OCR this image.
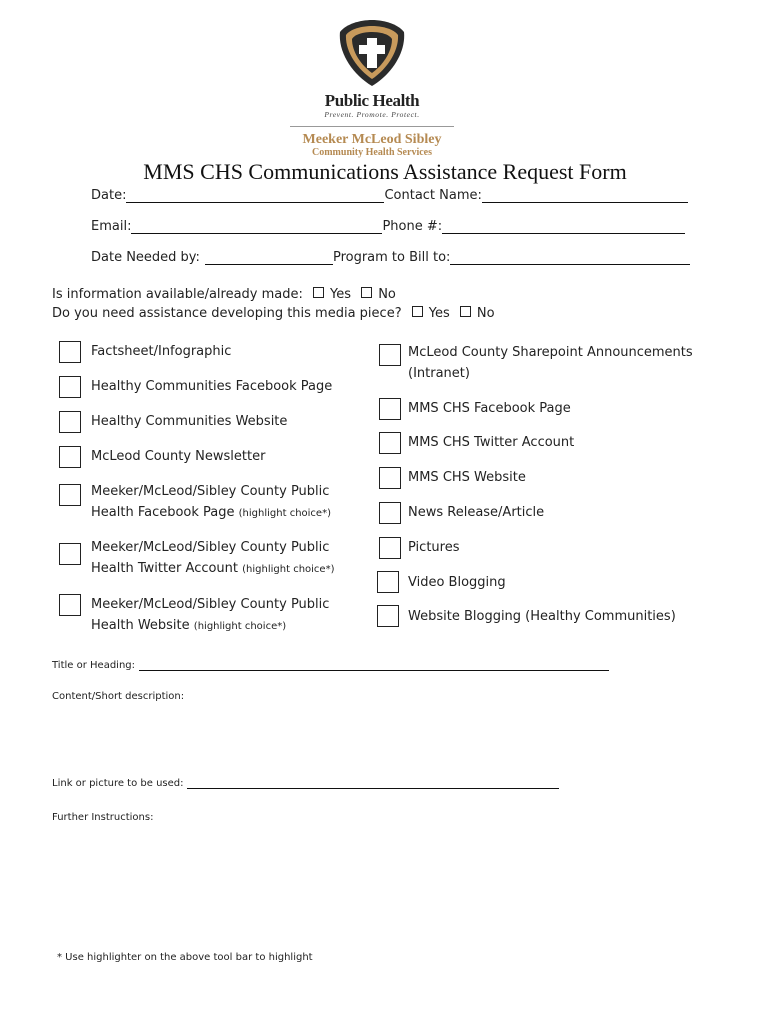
Public Health
Prevent. Promote. Protect.
Meeker McLeod Sibley
Community Health Services
MMS CHS Communications Assistance Request Form
Date:	Contact Name:
Email:	Phone #:
Date Needed by:	Program to Bill to:
Is information available/already made: Yes No
Do you need assistance developing this media piece? Yes No
Factsheet/Infographic
Healthy Communities Facebook Page
Healthy Communities Website
McLeod County Newsletter
Meeker/McLeod/Sibley County Public
Health Facebook Page (highlight choice*)
Meeker/McLeod/Sibley County Public
Health Twitter Account (highlight choice*)
Meeker/McLeod/Sibley County Public
Health Website (highlight choice*)
McLeod County Sharepoint Announcements
(Intranet)
MMS CHS Facebook Page
MMS CHS Twitter Account
MMS CHS Website
News Release/Article
Pictures
Video Blogging
Website Blogging (Healthy Communities)
Title or Heading:
Content/Short description:
Link or picture to be used:
Further Instructions:
* Use highlighter on the above tool bar to highlight
